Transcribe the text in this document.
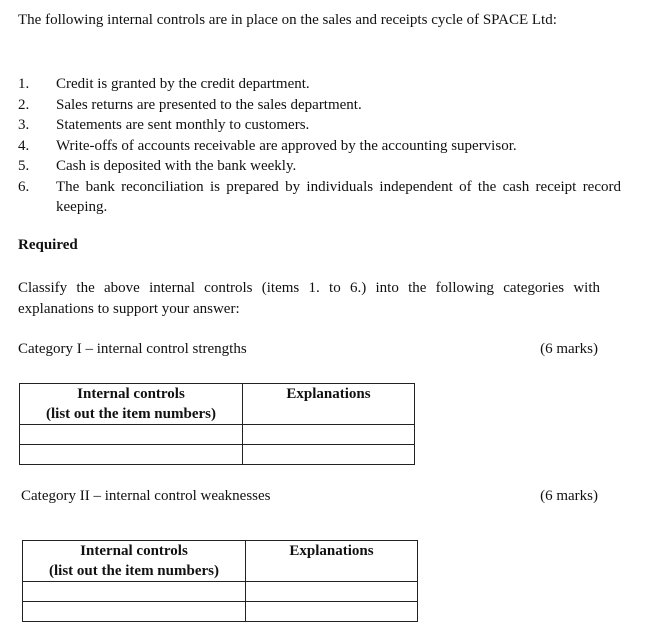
The following internal controls are in place on the sales and receipts cycle of SPACE Ltd:
1.	Credit is granted by the credit department.
2.	Sales returns are presented to the sales department.
3.	Statements are sent monthly to customers.
4.	Write-offs of accounts receivable are approved by the accounting supervisor.
5.	Cash is deposited with the bank weekly.
6.	The bank reconciliation is prepared by individuals independent of the cash receipt record keeping.
Required
Classify the above internal controls (items 1. to 6.) into the following categories with explanations to support your answer:
Category I – internal control strengths	(6 marks)
Internal controls
(list out the item numbers)	Explanations

Category II – internal control weaknesses	(6 marks)
Internal controls
(list out the item numbers)	Explanations
